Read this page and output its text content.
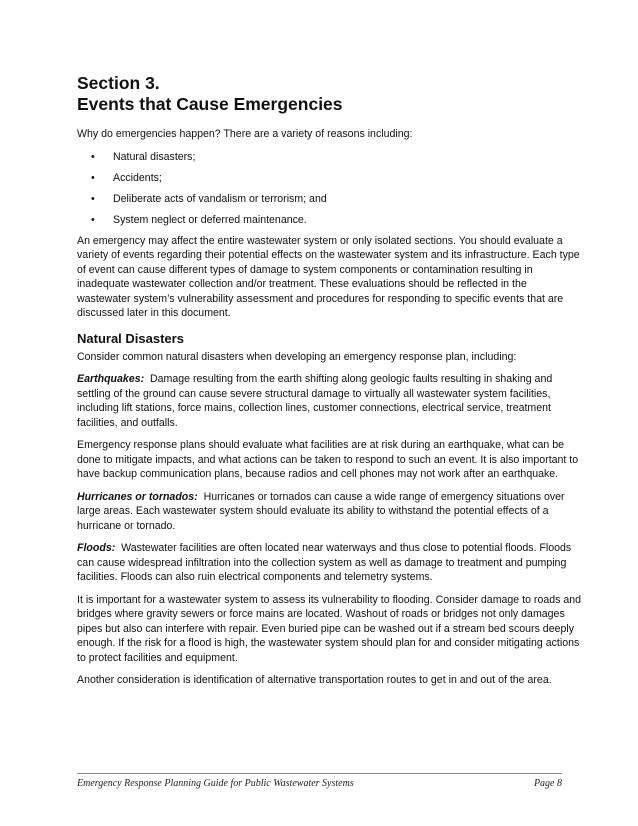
Section 3.
Events that Cause Emergencies

Why do emergencies happen? There are a variety of reasons including:

•	Natural disasters;
•	Accidents;
•	Deliberate acts of vandalism or terrorism; and
•	System neglect or deferred maintenance.

An emergency may affect the entire wastewater system or only isolated sections. You should evaluate a variety of events regarding their potential effects on the wastewater system and its infrastructure. Each type of event can cause different types of damage to system components or contamination resulting in inadequate wastewater collection and/or treatment. These evaluations should be reflected in the wastewater system’s vulnerability assessment and procedures for responding to specific events that are discussed later in this document.

Natural Disasters

Consider common natural disasters when developing an emergency response plan, including:

Earthquakes: Damage resulting from the earth shifting along geologic faults resulting in shaking and settling of the ground can cause severe structural damage to virtually all wastewater system facilities, including lift stations, force mains, collection lines, customer connections, electrical service, treatment facilities, and outfalls.

Emergency response plans should evaluate what facilities are at risk during an earthquake, what can be done to mitigate impacts, and what actions can be taken to respond to such an event. It is also important to have backup communication plans, because radios and cell phones may not work after an earthquake.

Hurricanes or tornados: Hurricanes or tornados can cause a wide range of emergency situations over large areas. Each wastewater system should evaluate its ability to withstand the potential effects of a hurricane or tornado.

Floods: Wastewater facilities are often located near waterways and thus close to potential floods. Floods can cause widespread infiltration into the collection system as well as damage to treatment and pumping facilities. Floods can also ruin electrical components and telemetry systems.

It is important for a wastewater system to assess its vulnerability to flooding. Consider damage to roads and bridges where gravity sewers or force mains are located. Washout of roads or bridges not only damages pipes but also can interfere with repair. Even buried pipe can be washed out if a stream bed scours deeply enough. If the risk for a flood is high, the wastewater system should plan for and consider mitigating actions to protect facilities and equipment.

Another consideration is identification of alternative transportation routes to get in and out of the area.

Emergency Response Planning Guide for Public Wastewater Systems	Page 8
